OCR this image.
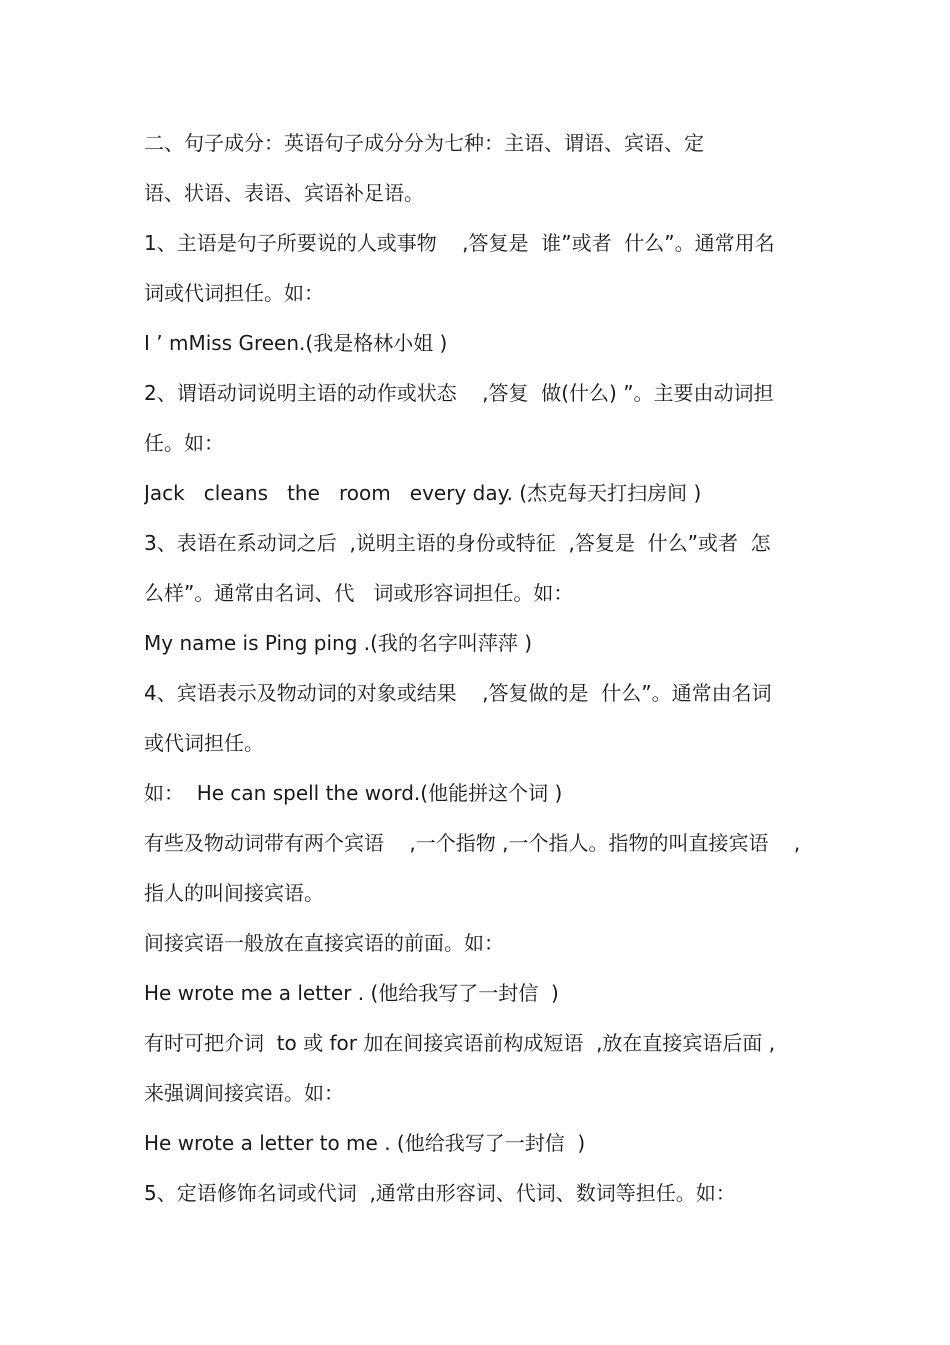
二、句子成分：英语句子成分分为七种：主语、谓语、宾语、定
语、状语、表语、宾语补足语。
1、主语是句子所要说的人或事物    ,答复是  谁”或者  什么”。通常用名
词或代词担任。如：
I ’ mMiss Green.(我是格林小姐 )
2、谓语动词说明主语的动作或状态    ,答复  做(什么) ”。主要由动词担
任。如：
Jack   cleans   the   room   every day. (杰克每天打扫房间 )
3、表语在系动词之后  ,说明主语的身份或特征  ,答复是  什么”或者  怎
么样”。通常由名词、代   词或形容词担任。如：
My name is Ping ping .(我的名字叫萍萍 )
4、宾语表示及物动词的对象或结果    ,答复做的是  什么”。通常由名词
或代词担任。
如：  He can spell the word.(他能拼这个词 )
有些及物动词带有两个宾语    ,一个指物 ,一个指人。指物的叫直接宾语    ,
指人的叫间接宾语。
间接宾语一般放在直接宾语的前面。如：
He wrote me a letter . (他给我写了一封信  )
有时可把介词  to 或 for 加在间接宾语前构成短语  ,放在直接宾语后面 ,
来强调间接宾语。如：
He wrote a letter to me . (他给我写了一封信  )
5、定语修饰名词或代词  ,通常由形容词、代词、数词等担任。如：
